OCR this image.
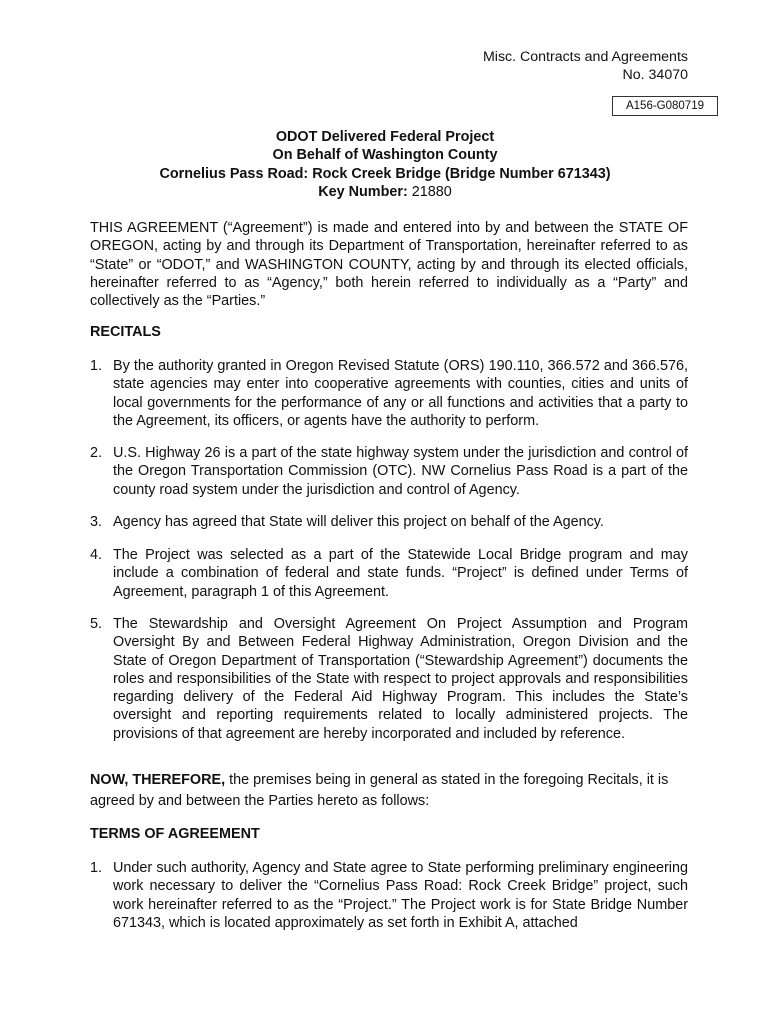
Misc. Contracts and Agreements
No. 34070
A156-G080719
ODOT Delivered Federal Project
On Behalf of Washington County
Cornelius Pass Road: Rock Creek Bridge (Bridge Number 671343)
Key Number: 21880
THIS AGREEMENT (“Agreement”) is made and entered into by and between the STATE OF OREGON, acting by and through its Department of Transportation, hereinafter referred to as “State” or “ODOT,” and WASHINGTON COUNTY, acting by and through its elected officials, hereinafter referred to as “Agency,” both herein referred to individually as a “Party” and collectively as the “Parties.”
RECITALS
1. By the authority granted in Oregon Revised Statute (ORS) 190.110, 366.572 and 366.576, state agencies may enter into cooperative agreements with counties, cities and units of local governments for the performance of any or all functions and activities that a party to the Agreement, its officers, or agents have the authority to perform.
2. U.S. Highway 26 is a part of the state highway system under the jurisdiction and control of the Oregon Transportation Commission (OTC). NW Cornelius Pass Road is a part of the county road system under the jurisdiction and control of Agency.
3. Agency has agreed that State will deliver this project on behalf of the Agency.
4. The Project was selected as a part of the Statewide Local Bridge program and may include a combination of federal and state funds. “Project” is defined under Terms of Agreement, paragraph 1 of this Agreement.
5. The Stewardship and Oversight Agreement On Project Assumption and Program Oversight By and Between Federal Highway Administration, Oregon Division and the State of Oregon Department of Transportation (“Stewardship Agreement”) documents the roles and responsibilities of the State with respect to project approvals and responsibilities regarding delivery of the Federal Aid Highway Program. This includes the State’s oversight and reporting requirements related to locally administered projects. The provisions of that agreement are hereby incorporated and included by reference.
NOW, THEREFORE, the premises being in general as stated in the foregoing Recitals, it is agreed by and between the Parties hereto as follows:
TERMS OF AGREEMENT
1. Under such authority, Agency and State agree to State performing preliminary engineering work necessary to deliver the “Cornelius Pass Road: Rock Creek Bridge” project, such work hereinafter referred to as the “Project.” The Project work is for State Bridge Number 671343, which is located approximately as set forth in Exhibit A, attached
